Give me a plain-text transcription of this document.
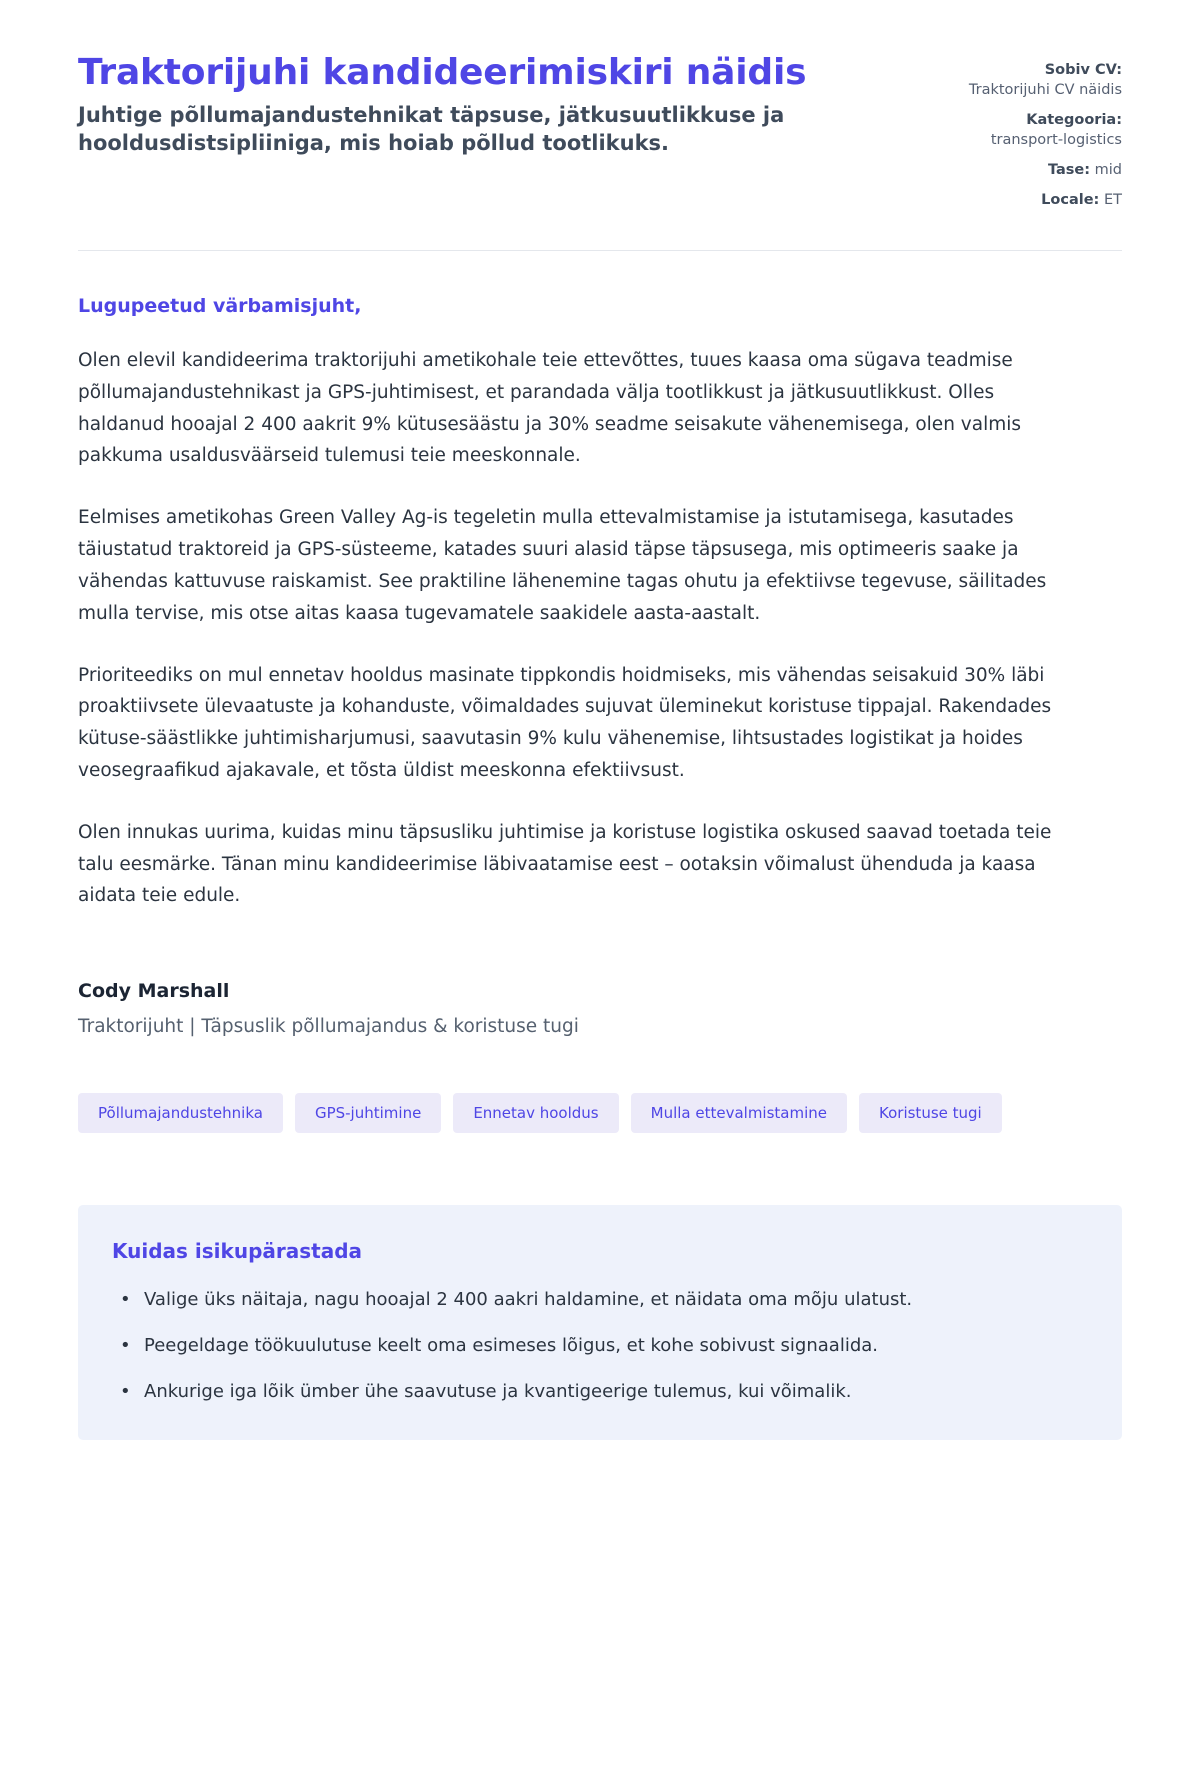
Traktorijuhi kandideerimiskiri näidis

Juhtige põllumajandustehnikat täpsuse, jätkusuutlikkuse ja hooldusdistsipliiniga, mis hoiab põllud tootlikuks.

Sobiv CV: Traktorijuhi CV näidis
Kategooria: transport-logistics
Tase: mid
Locale: ET

Lugupeetud värbamisjuht,

Olen elevil kandideerima traktorijuhi ametikohale teie ettevõttes, tuues kaasa oma sügava teadmise põllumajandustehnikast ja GPS-juhtimisest, et parandada välja tootlikkust ja jätkusuutlikkust. Olles haldanud hooajal 2 400 aakrit 9% kütusesäästu ja 30% seadme seisakute vähenemisega, olen valmis pakkuma usaldusväärseid tulemusi teie meeskonnale.

Eelmises ametikohas Green Valley Ag-is tegeletin mulla ettevalmistamise ja istutamisega, kasutades täiustatud traktoreid ja GPS-süsteeme, katades suuri alasid täpse täpsusega, mis optimeeris saake ja vähendas kattuvuse raiskamist. See praktiline lähenemine tagas ohutu ja efektiivse tegevuse, säilitades mulla tervise, mis otse aitas kaasa tugevamatele saakidele aasta-aastalt.

Prioriteediks on mul ennetav hooldus masinate tippkondis hoidmiseks, mis vähendas seisakuid 30% läbi proaktiivsete ülevaatuste ja kohanduste, võimaldades sujuvat üleminekut koristuse tippajal. Rakendades kütuse-säästlikke juhtimisharjumusi, saavutasin 9% kulu vähenemise, lihtsustades logistikat ja hoides veosegraafikud ajakavale, et tõsta üldist meeskonna efektiivsust.

Olen innukas uurima, kuidas minu täpsusliku juhtimise ja koristuse logistika oskused saavad toetada teie talu eesmärke. Tänan minu kandideerimise läbivaatamise eest – ootaksin võimalust ühenduda ja kaasa aidata teie edule.

Cody Marshall

Traktorijuht | Täpsuslik põllumajandus & koristuse tugi

Põllumajandustehnika	GPS-juhtimine	Ennetav hooldus	Mulla ettevalmistamine	Koristuse tugi
Kuidas isikupärastada
• Valige üks näitaja, nagu hooajal 2 400 aakri haldamine, et näidata oma mõju ulatust.
• Peegeldage töökuulutuse keelt oma esimeses lõigus, et kohe sobivust signaalida.
• Ankurige iga lõik ümber ühe saavutuse ja kvantigeerige tulemus, kui võimalik.
